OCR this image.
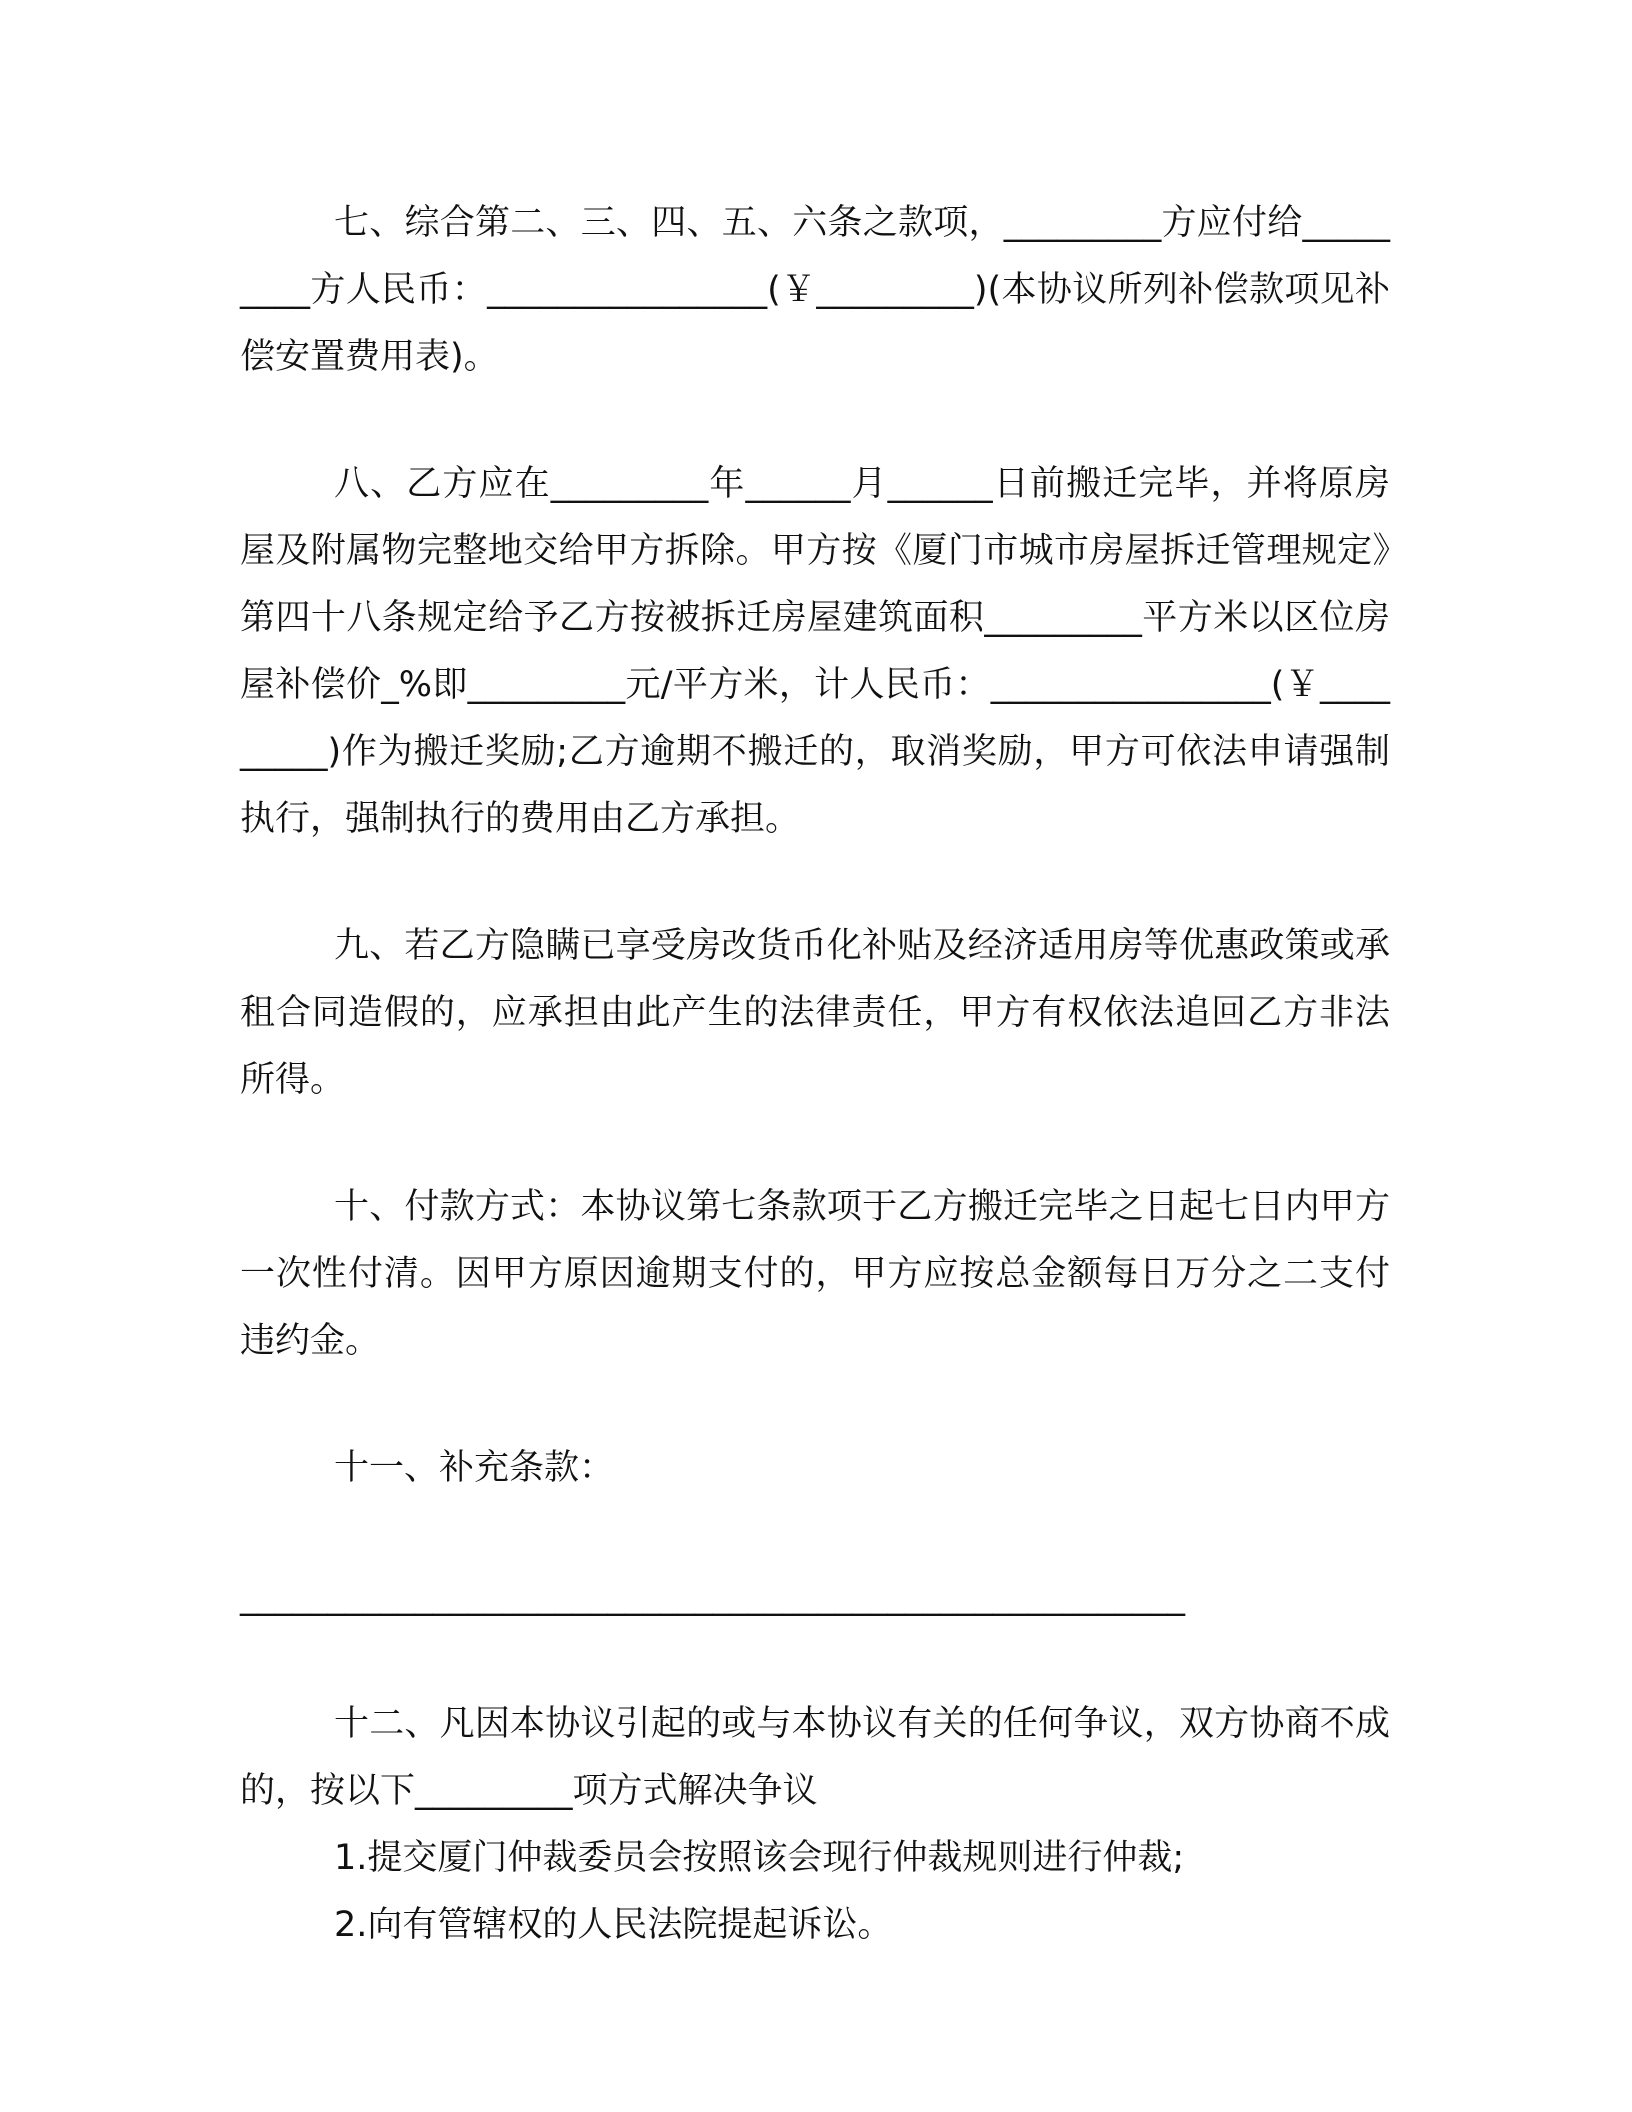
七、综合第二、三、四、五、六条之款项，_________方应付给_________方人民币：________________(￥_________)(本协议所列补偿款项见补偿安置费用表)。

八、乙方应在_________年______月______日前搬迁完毕，并将原房屋及附属物完整地交给甲方拆除。甲方按《厦门市城市房屋拆迁管理规定》第四十八条规定给予乙方按被拆迁房屋建筑面积_________平方米以区位房屋补偿价_%即_________元/平方米，计人民币：________________(￥_________)作为搬迁奖励;乙方逾期不搬迁的，取消奖励，甲方可依法申请强制执行，强制执行的费用由乙方承担。

九、若乙方隐瞒已享受房改货币化补贴及经济适用房等优惠政策或承租合同造假的，应承担由此产生的法律责任，甲方有权依法追回乙方非法所得。

十、付款方式：本协议第七条款项于乙方搬迁完毕之日起七日内甲方一次性付清。因甲方原因逾期支付的，甲方应按总金额每日万分之二支付违约金。

十一、补充条款：

______________________________________________________

十二、凡因本协议引起的或与本协议有关的任何争议，双方协商不成的，按以下_________项方式解决争议

1.提交厦门仲裁委员会按照该会现行仲裁规则进行仲裁;

2.向有管辖权的人民法院提起诉讼。
